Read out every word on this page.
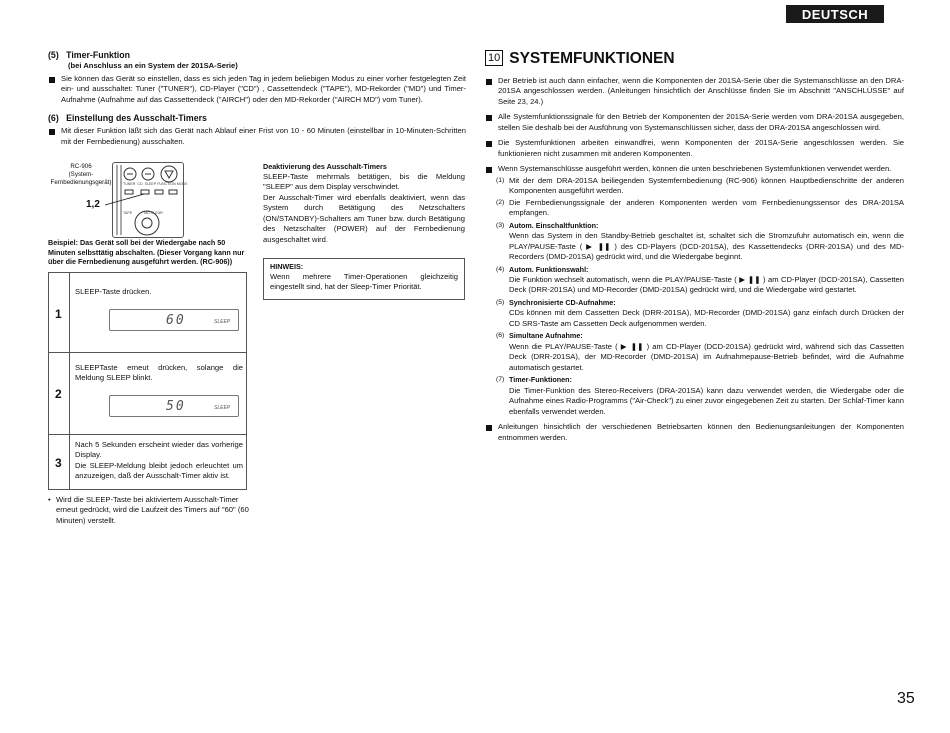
DEUTSCH
(5) Timer-Funktion
(bei Anschluss an ein System der 201SA-Serie)
Sie können das Gerät so einstellen, dass es sich jeden Tag in jedem beliebigen Modus zu einer vorher festgelegten Zeit ein- und ausschaltet: Tuner ("TUNER"), CD-Player ("CD") , Cassettendeck ("TAPE"), MD-Rekorder ("MD") und Timer-Aufnahme (Aufnahme auf das Cassettendeck ("AIRCH") oder den MD-Rekorder ("AIRCH MD") vom Tuner).
(6) Einstellung des Ausschalt-Timers
Mit dieser Funktion läßt sich das Gerät nach Ablauf einer Frist von 10 - 60 Minuten (einstellbar in 10-Minuten-Schritten mit der Fernbedienung) ausschalten.
RC-906
(System-
Fernbedienungsgerät)	TUNER CD SLEEP FUNCTION MODE
TAPE	MD CLEAR
1,2
Beispiel: Das Gerät soll bei der Wiedergabe nach 50 Minuten selbsttätig abschalten. (Dieser Vorgang kann nur über die Fernbedienung ausgeführt werden. (RC-906))
1
SLEEP-Taste drücken.
60	SLEEP
2
SLEEPTaste erneut drücken, solange die Meldung SLEEP blinkt.
50	SLEEP
3
Nach 5 Sekunden erscheint wieder das vorherige Display.
Die SLEEP-Meldung bleibt jedoch erleuchtet um anzuzeigen, daß der Ausschalt-Timer aktiv ist.
• Wird die SLEEP-Taste bei aktiviertem Ausschalt-Timer erneut gedrückt, wird die Laufzeit des Timers auf "60" (60 Minuten) verstellt.
Deaktivierung des Ausschalt-Timers
SLEEP-Taste mehrmals betätigen, bis die Meldung "SLEEP" aus dem Display verschwindet.
Der Ausschalt-Timer wird ebenfalls deaktiviert, wenn das System durch Betätigung des Netzschalters (ON/STANDBY)-Schalters am Tuner bzw. durch Betätigung des Netzschalter (POWER) auf der Fernbedienung ausgeschaltet wird.
HINWEIS:
Wenn mehrere Timer-Operationen gleichzeitig eingestellt sind, hat der Sleep-Timer Priorität.
10 SYSTEMFUNKTIONEN
Der Betrieb ist auch dann einfacher, wenn die Komponenten der 201SA-Serie über die Systemanschlüsse an den DRA-201SA angeschlossen werden. (Anleitungen hinsichtlich der Anschlüsse finden Sie im Abschnitt "ANSCHLÜSSE" auf Seite 23, 24.)
Alle Systemfunktionssignale für den Betrieb der Komponenten der 201SA-Serie werden vom DRA-201SA ausgegeben, stellen Sie deshalb bei der Ausführung von Systemanschlüssen sicher, dass der DRA-201SA angeschlossen wird.
Die Systemfunktionen arbeiten einwandfrei, wenn Komponenten der 201SA-Serie angeschlossen werden. Sie funktionieren nicht zusammen mit anderen Komponenten.
Wenn Systemanschlüsse ausgeführt werden, können die unten beschriebenen Systemfunktionen verwendet werden.
(1) Mit der dem DRA-201SA beiliegenden Systemfernbedienung (RC-906) können Hauptbedienschritte der anderen Komponenten ausgeführt werden.
(2) Die Fernbedienungssignale der anderen Komponenten werden vom Fernbedienungssensor des DRA-201SA empfangen.
(3) Autom. Einschaltfunktion:
Wenn das System in den Standby-Betrieb geschaltet ist, schaltet sich die Stromzufuhr automatisch ein, wenn die PLAY/PAUSE-Taste ( ▶ ❚❚ ) des CD-Players (DCD-201SA), des Kassettendecks (DRR-201SA) und des MD-Recorders (DMD-201SA) gedrückt wird, und die Wiedergabe beginnt.
(4) Autom. Funktionswahl:
Die Funktion wechselt automatisch, wenn die PLAY/PAUSE-Taste ( ▶ ❚❚ ) am CD-Player (DCD-201SA), Cassetten Deck (DRR-201SA) und MD-Recorder (DMD-201SA) gedrückt wird, und die Wiedergabe wird gestartet.
(5) Synchronisierte CD-Aufnahme:
CDs können mit dem Cassetten Deck (DRR-201SA), MD-Recorder (DMD-201SA) ganz einfach durch Drücken der CD SRS-Taste am Cassetten Deck aufgenommen werden.
(6) Simultane Aufnahme:
Wenn die PLAY/PAUSE-Taste ( ▶ ❚❚ ) am CD-Player (DCD-201SA) gedrückt wird, während sich das Cassetten Deck (DRR-201SA), der MD-Recorder (DMD-201SA) im Aufnahmepause-Betrieb befindet, wird die Aufnahme automatisch gestartet.
(7) Timer-Funktionen:
Die Timer-Funktion des Stereo-Receivers (DRA-201SA) kann dazu verwendet werden, die Wiedergabe oder die Aufnahme eines Radio-Programms ("Air-Check") zu einer zuvor eingegebenen Zeit zu starten. Der Schlaf-Timer kann ebenfalls verwendet werden.
Anleitungen hinsichtlich der verschiedenen Betriebsarten können den Bedienungsanleitungen der Komponenten entnommen werden.
35
